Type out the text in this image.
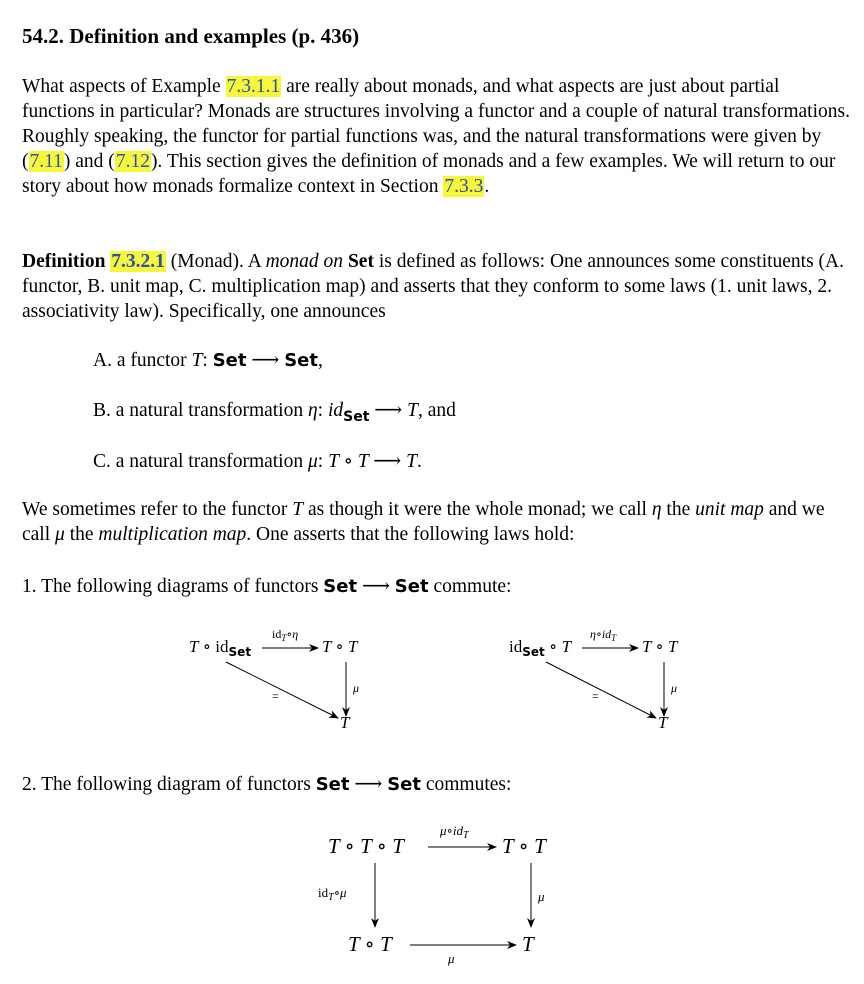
54.2. Definition and examples (p. 436)
What aspects of Example 7.3.1.1 are really about monads, and what aspects are just about partial functions in particular? Monads are structures involving a functor and a couple of natural transformations. Roughly speaking, the functor for partial functions was, and the natural transformations were given by (7.11) and (7.12). This section gives the definition of monads and a few examples. We will return to our story about how monads formalize context in Section 7.3.3.
Definition 7.3.2.1 (Monad). A monad on Set is defined as follows: One announces some constituents (A. functor, B. unit map, C. multiplication map) and asserts that they conform to some laws (1. unit laws, 2. associativity law). Specifically, one announces
A. a functor T: Set ⟶ Set,
B. a natural transformation η: $id_{Set}$ ⟶ T, and
C. a natural transformation μ: T ∘ T ⟶ T.
We sometimes refer to the functor T as though it were the whole monad; we call η the unit map and we call μ the multiplication map. One asserts that the following laws hold:
1. The following diagrams of functors Set ⟶ Set commute:
T ∘ $id_{Set}$
$id_T\circ\eta$
T ∘ T
μ
=
T
$id_{Set}$ ∘ T
$\eta\circ id_T$ T ∘ T
μ
=
T
2. The following diagram of functors Set ⟶ Set commutes:
T ∘ T ∘ T
$\mu\circ id_T$ T ∘ T
$id_T\circ\mu$	μ
T ∘ T
μ
T
